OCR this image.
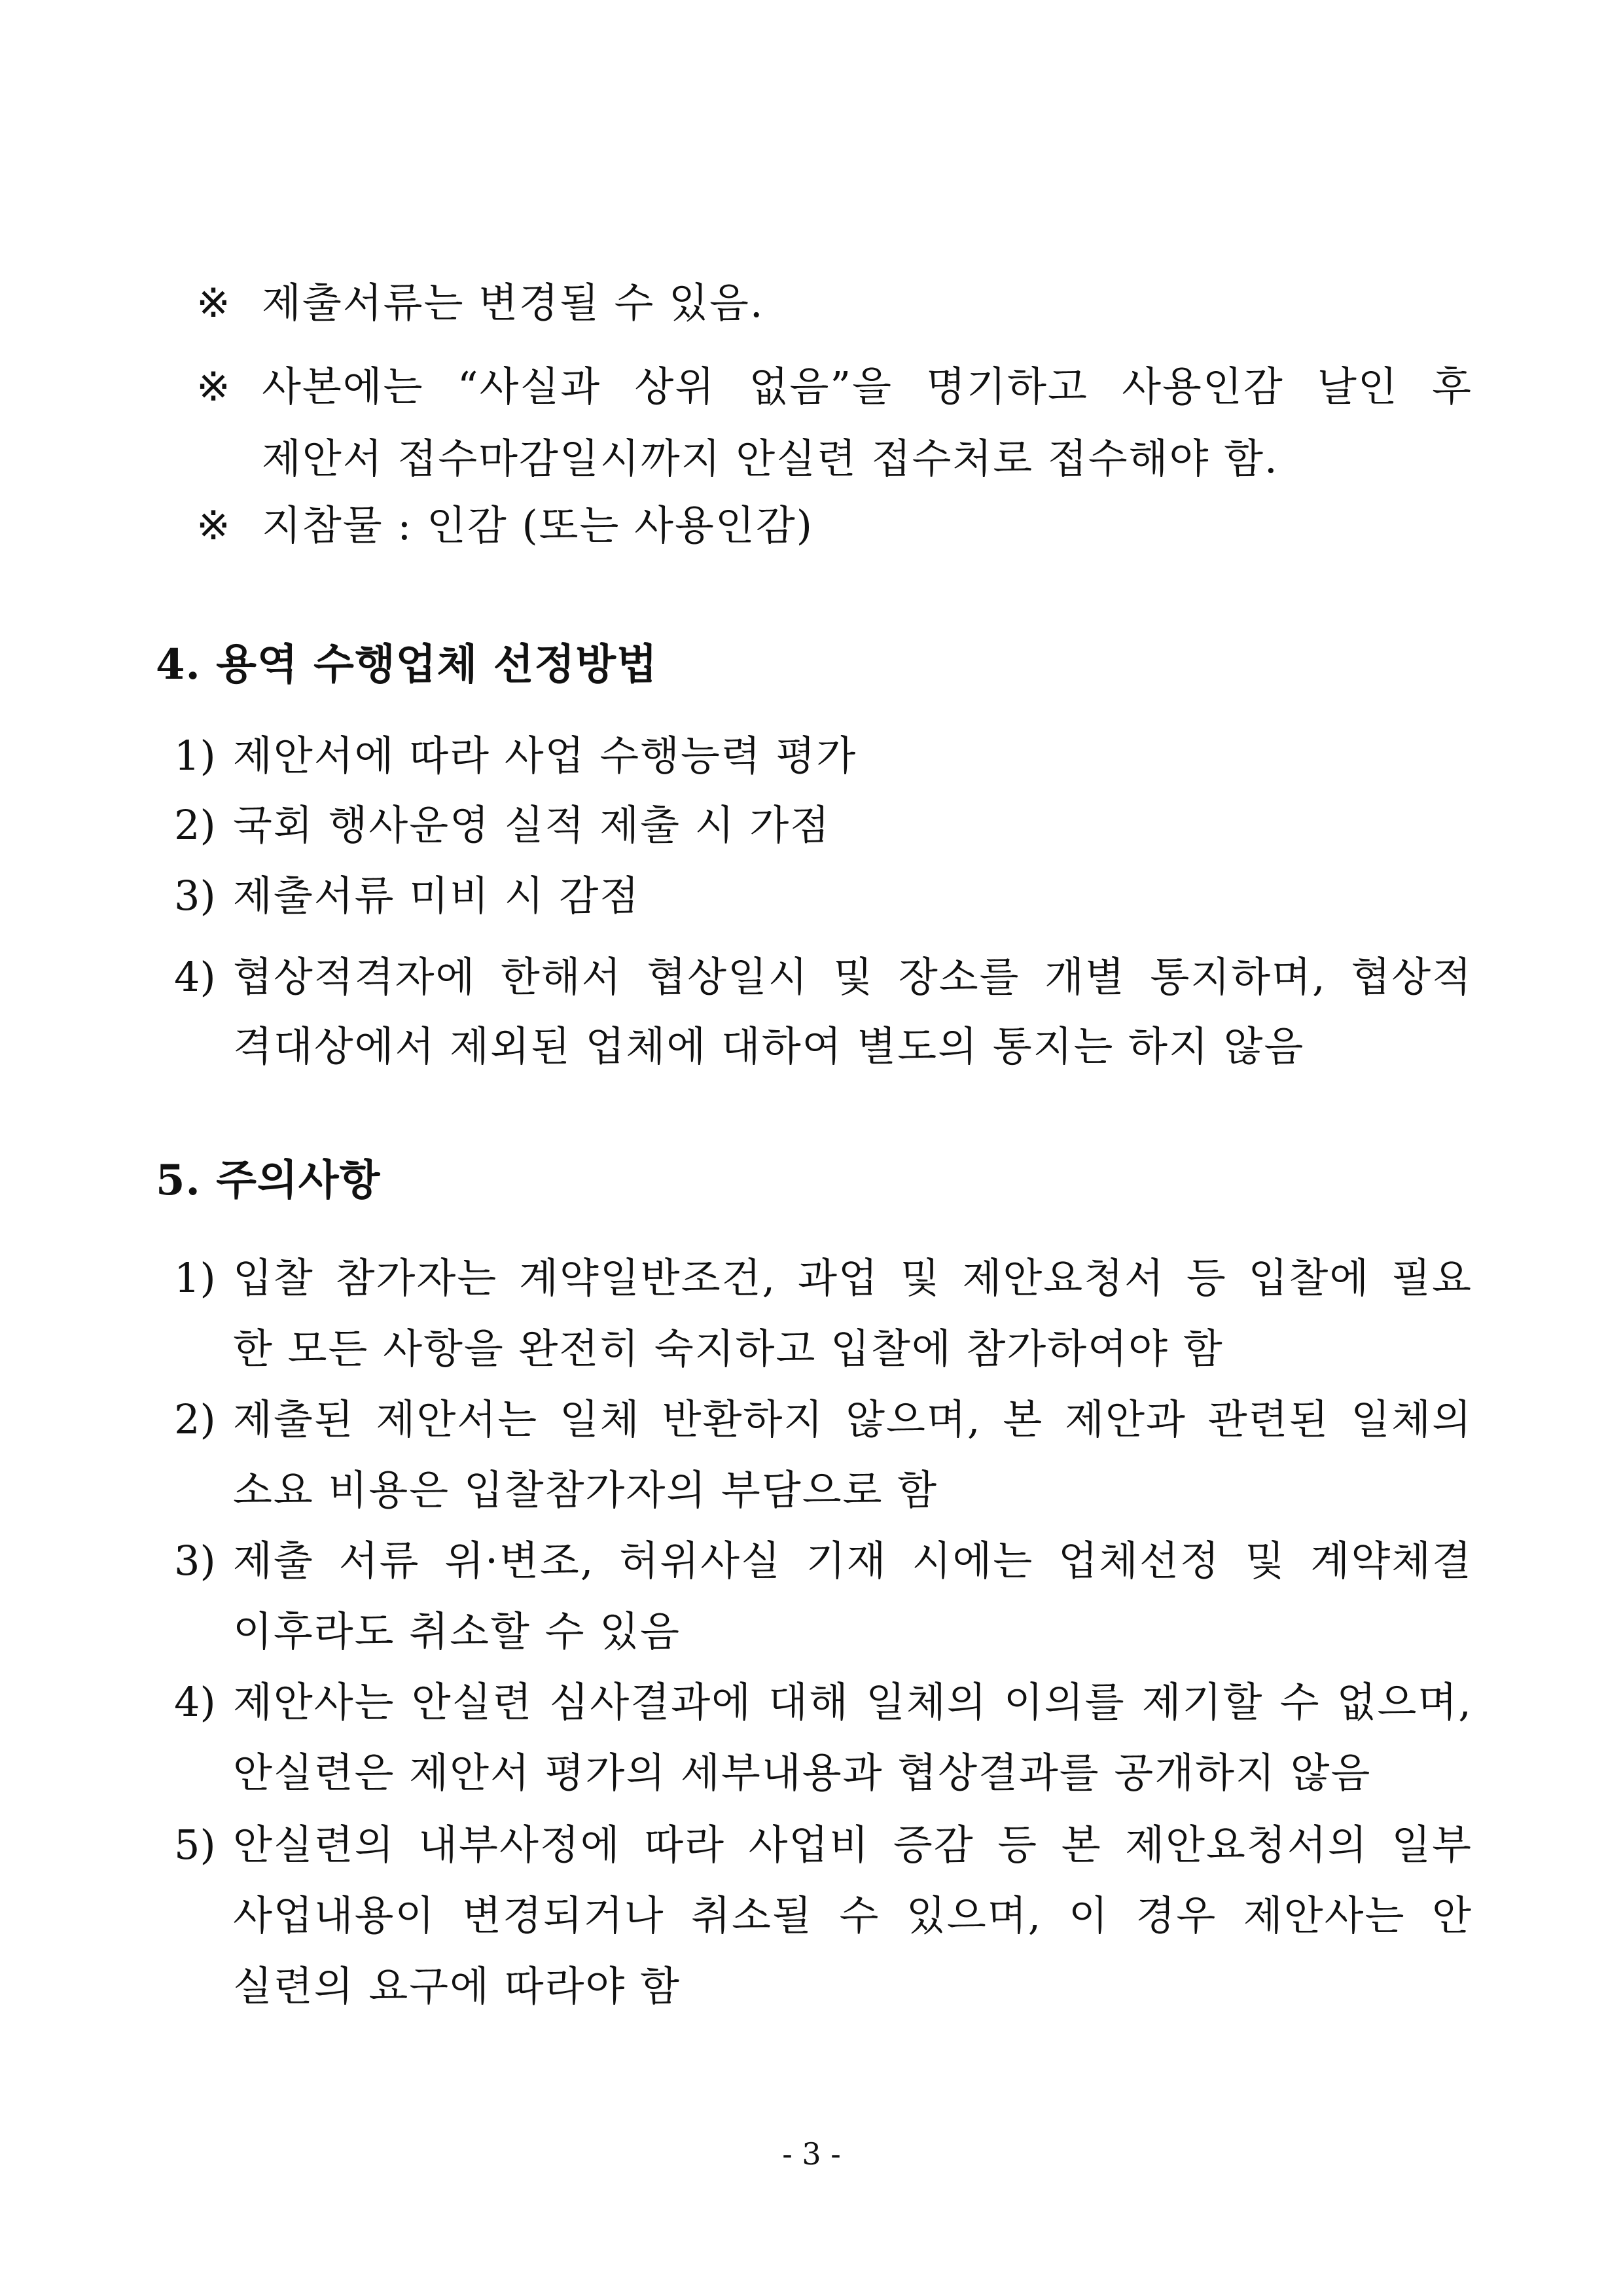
※ 제출서류는 변경될 수 있음.
※ 사본에는 “사실과 상위 없음”을 명기하고 사용인감 날인 후
제안서 접수마감일시까지 안실련 접수처로 접수해야 함.
※ 지참물 : 인감 (또는 사용인감)
4. 용역 수행업체 선정방법
1) 제안서에 따라 사업 수행능력 평가
2) 국회 행사운영 실적 제출 시 가점
3) 제출서류 미비 시 감점
4) 협상적격자에 한해서 협상일시 및 장소를 개별 통지하며, 협상적
격대상에서 제외된 업체에 대하여 별도의 통지는 하지 않음
5. 주의사항
1) 입찰 참가자는 계약일반조건, 과업 및 제안요청서 등 입찰에 필요
한 모든 사항을 완전히 숙지하고 입찰에 참가하여야 함
2) 제출된 제안서는 일체 반환하지 않으며, 본 제안과 관련된 일체의
소요 비용은 입찰참가자의 부담으로 함
3) 제출 서류 위·변조, 허위사실 기재 시에는 업체선정 및 계약체결
이후라도 취소할 수 있음
4) 제안사는 안실련 심사결과에 대해 일체의 이의를 제기할 수 없으며,
안실련은 제안서 평가의 세부내용과 협상결과를 공개하지 않음
5) 안실련의 내부사정에 따라 사업비 증감 등 본 제안요청서의 일부
사업내용이 변경되거나 취소될 수 있으며, 이 경우 제안사는 안
실련의 요구에 따라야 함
- 3 -
